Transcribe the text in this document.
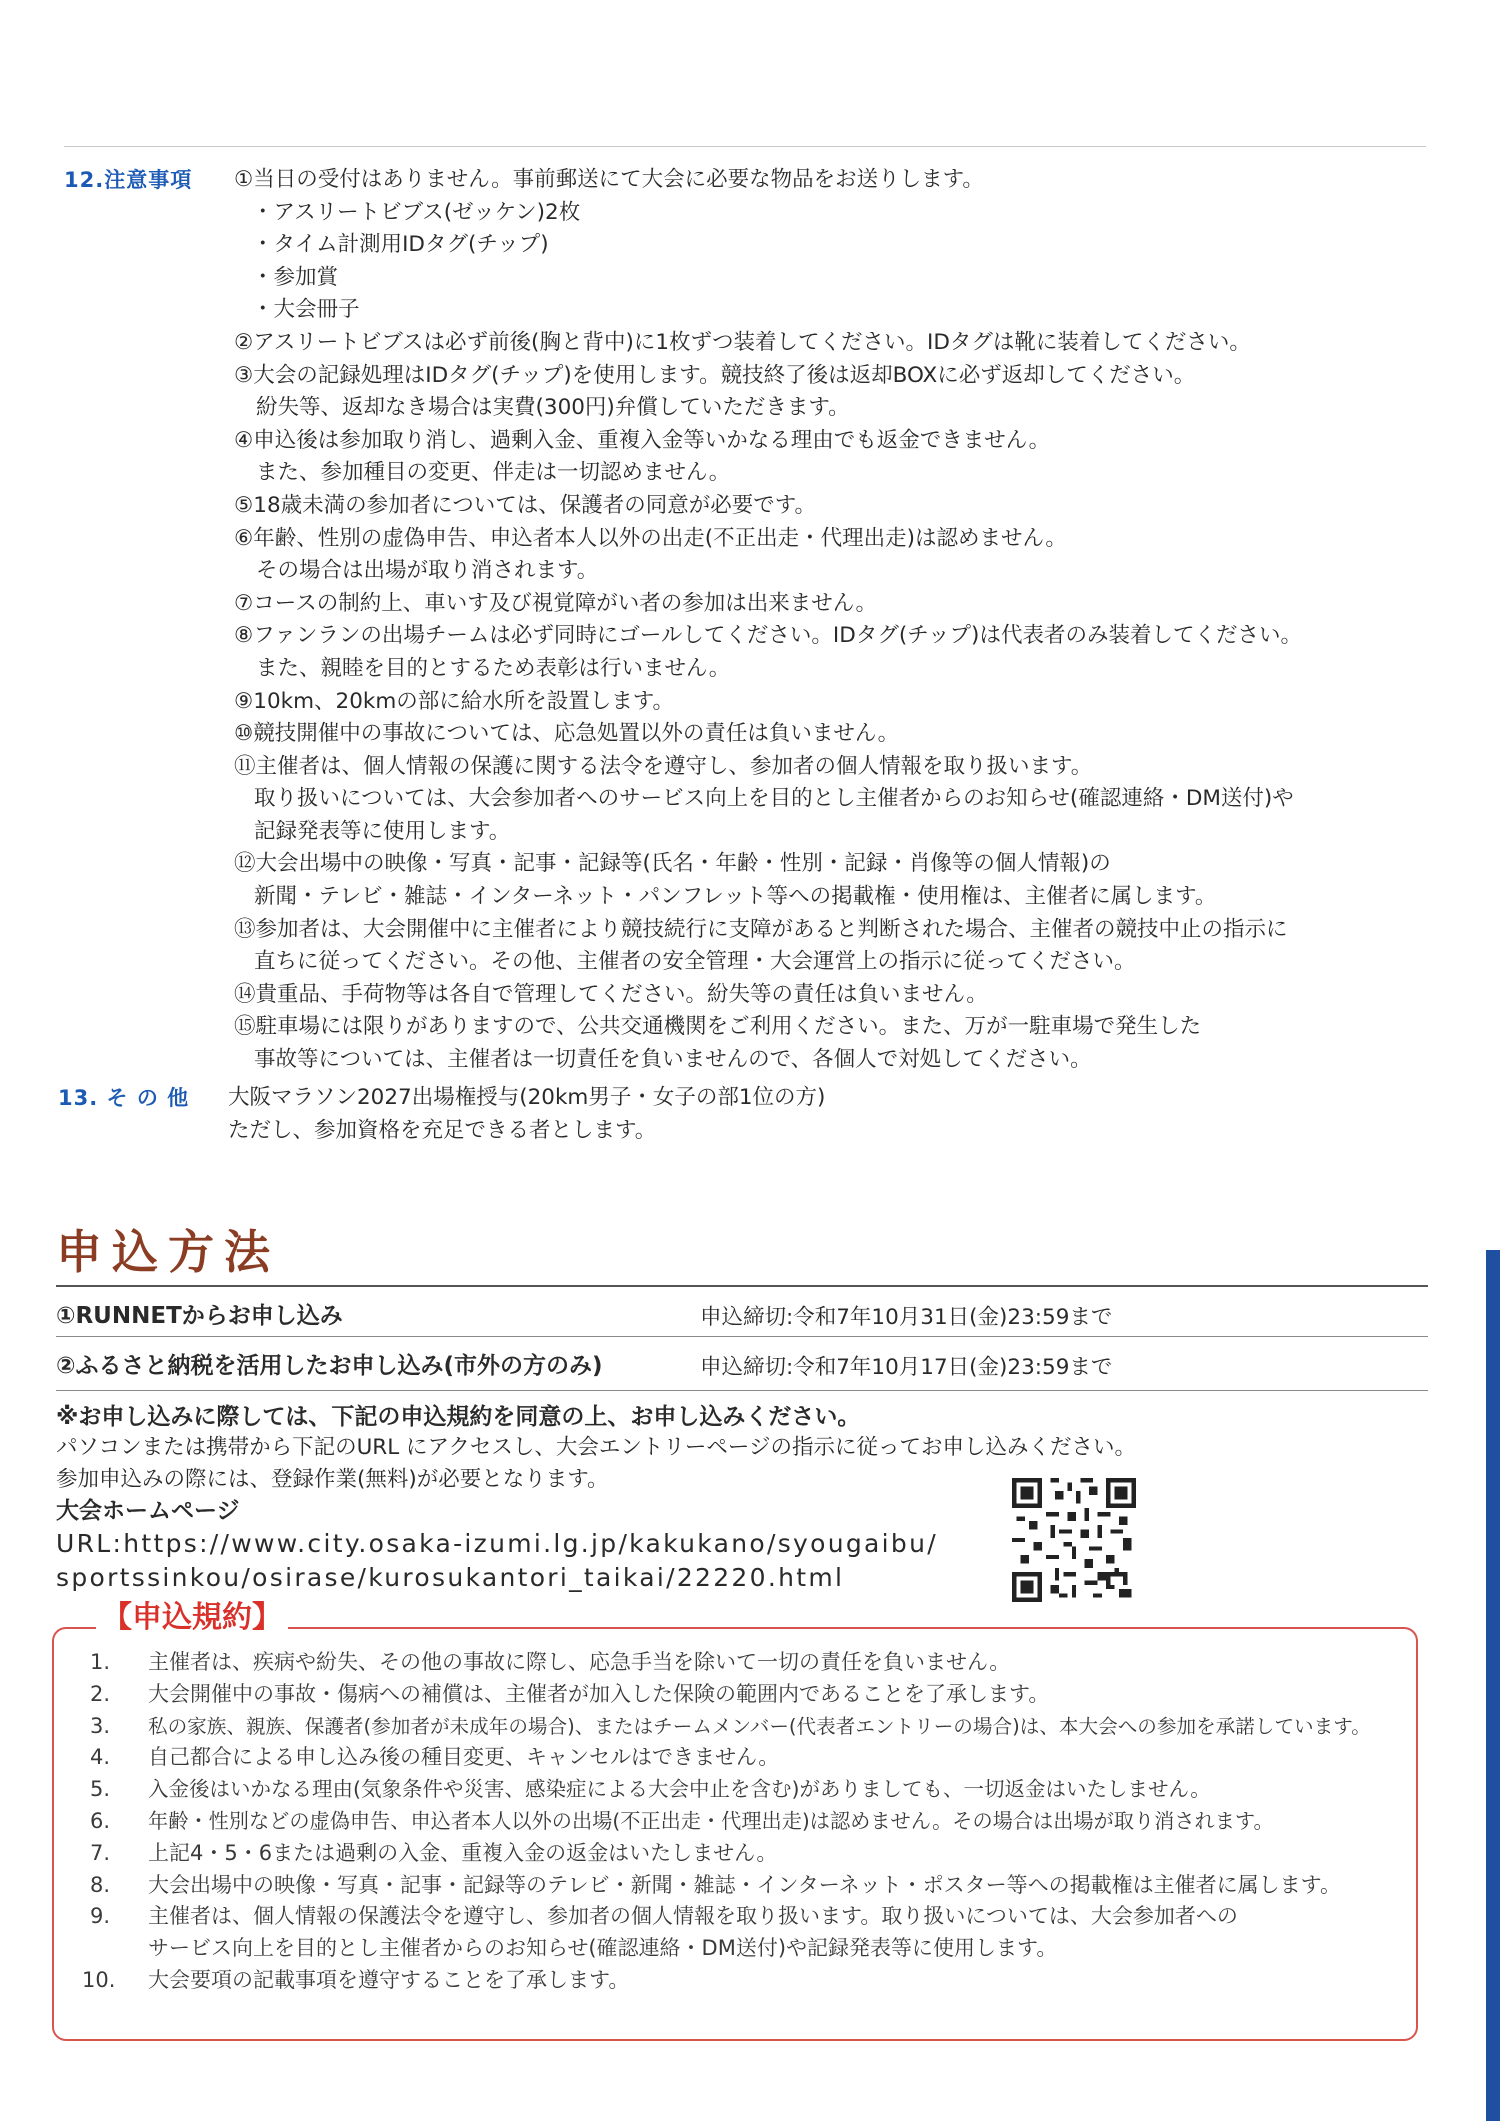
12.注意事項 ①当日の受付はありません。事前郵送にて大会に必要な物品をお送りします。
・アスリートビブス(ゼッケン)2枚
・タイム計測用IDタグ(チップ)
・参加賞
・大会冊子
②アスリートビブスは必ず前後(胸と背中)に1枚ずつ装着してください。IDタグは靴に装着してください。
③大会の記録処理はIDタグ(チップ)を使用します。競技終了後は返却BOXに必ず返却してください。
紛失等、返却なき場合は実費(300円)弁償していただきます。
④申込後は参加取り消し、過剰入金、重複入金等いかなる理由でも返金できません。
また、参加種目の変更、伴走は一切認めません。
⑤18歳未満の参加者については、保護者の同意が必要です。
⑥年齢、性別の虚偽申告、申込者本人以外の出走(不正出走・代理出走)は認めません。
その場合は出場が取り消されます。
⑦コースの制約上、車いす及び視覚障がい者の参加は出来ません。
⑧ファンランの出場チームは必ず同時にゴールしてください。IDタグ(チップ)は代表者のみ装着してください。
また、親睦を目的とするため表彰は行いません。
⑨10km、20kmの部に給水所を設置します。
⑩競技開催中の事故については、応急処置以外の責任は負いません。
⑪主催者は、個人情報の保護に関する法令を遵守し、参加者の個人情報を取り扱います。
取り扱いについては、大会参加者へのサービス向上を目的とし主催者からのお知らせ(確認連絡・DM送付)や
記録発表等に使用します。
⑫大会出場中の映像・写真・記事・記録等(氏名・年齢・性別・記録・肖像等の個人情報)の
新聞・テレビ・雑誌・インターネット・パンフレット等への掲載権・使用権は、主催者に属します。
⑬参加者は、大会開催中に主催者により競技続行に支障があると判断された場合、主催者の競技中止の指示に
直ちに従ってください。その他、主催者の安全管理・大会運営上の指示に従ってください。
⑭貴重品、手荷物等は各自で管理してください。紛失等の責任は負いません。
⑮駐車場には限りがありますので、公共交通機関をご利用ください。また、万が一駐車場で発生した
事故等については、主催者は一切責任を負いませんので、各個人で対処してください。
13. そ の 他 大阪マラソン2027出場権授与(20km男子・女子の部1位の方)
ただし、参加資格を充足できる者とします。
申込方法
①RUNNETからお申し込み	申込締切:令和7年10月31日(金)23:59まで
②ふるさと納税を活用したお申し込み(市外の方のみ)	申込締切:令和7年10月17日(金)23:59まで
※お申し込みに際しては、下記の申込規約を同意の上、お申し込みください。
パソコンまたは携帯から下記のURL にアクセスし、大会エントリーページの指示に従ってお申し込みください。
参加申込みの際には、登録作業(無料)が必要となります。
大会ホームページ
URL:https://www.city.osaka-izumi.lg.jp/kakukano/syougaibu/
sportssinkou/osirase/kurosukantori_taikai/22220.html
【申込規約】
1.	主催者は、疾病や紛失、その他の事故に際し、応急手当を除いて一切の責任を負いません。
2.	大会開催中の事故・傷病への補償は、主催者が加入した保険の範囲内であることを了承します。
3.	私の家族、親族、保護者(参加者が未成年の場合)、またはチームメンバー(代表者エントリーの場合)は、本大会への参加を承諾しています。
4.	自己都合による申し込み後の種目変更、キャンセルはできません。
5.	入金後はいかなる理由(気象条件や災害、感染症による大会中止を含む)がありましても、一切返金はいたしません。
6.	年齢・性別などの虚偽申告、申込者本人以外の出場(不正出走・代理出走)は認めません。その場合は出場が取り消されます。
7.	上記4・5・6または過剰の入金、重複入金の返金はいたしません。
8.	大会出場中の映像・写真・記事・記録等のテレビ・新聞・雑誌・インターネット・ポスター等への掲載権は主催者に属します。
9.	主催者は、個人情報の保護法令を遵守し、参加者の個人情報を取り扱います。取り扱いについては、大会参加者への
サービス向上を目的とし主催者からのお知らせ(確認連絡・DM送付)や記録発表等に使用します。
10.	大会要項の記載事項を遵守することを了承します。
